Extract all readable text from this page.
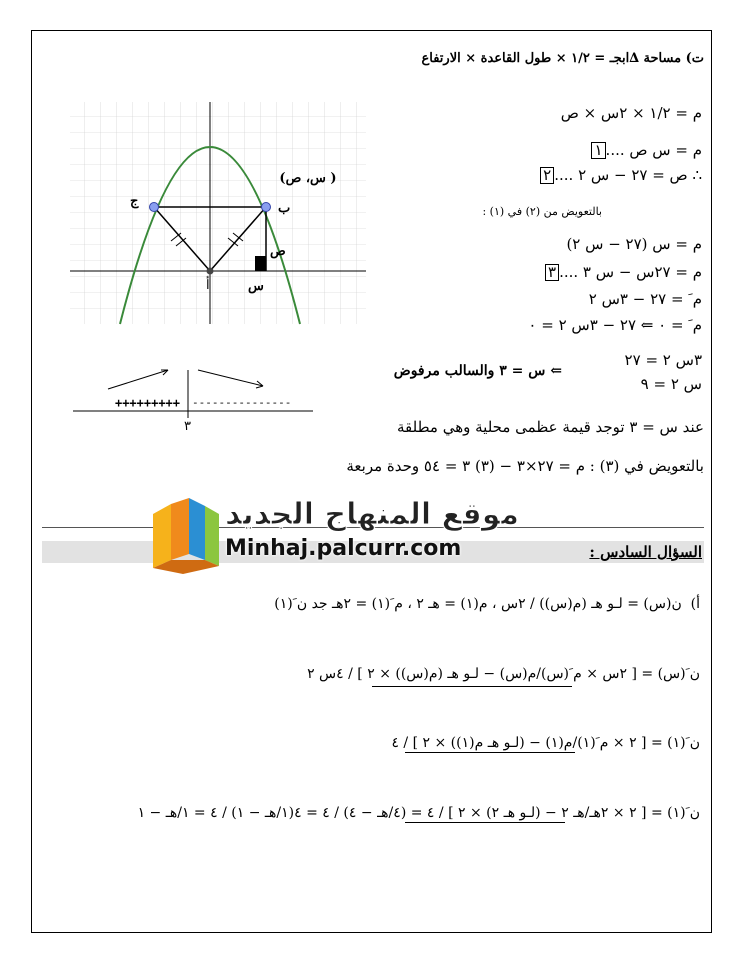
ت) مساحة ∆ابجـ = ١/٢ × طول القاعدة × الارتفاع
م = ١/٢ × ٢س × ص
م = س ص ....١
∴ ص = ٢٧ − س ٢ ....٢
بالتعويض من (٢) في (١) :
م = س (٢٧ − س ٢)
م = ٢٧س − س ٣ ....٣
م َ = ٢٧ − ٣س ٢
م َ = ٠ ⇐ ٢٧ − ٣س ٢ = ٠
٣س ٢ = ٢٧
س ٢ = ٩
⇐ س = ٣ والسالب مرفوض
عند س = ٣ توجد قيمة عظمى محلية وهي مطلقة
بالتعويض في (٣) : م = ٢٧×٣ − (٣) ٣ = ٥٤ وحدة مربعة
(س، ص )
ب
ج
أ	س
ص
+++++++++ ---------------
٣
موقع المنهاج الجديد
Minhaj.palcurr.com	السؤال السادس :
أ)  ن(س) = لـو هـ (م(س)) / ٢س ، م(١) = هـ ٢ ، م َ(١) = ٢هـ جد ن َ(١)
ن َ(س) = [ ٢س × م َ(س)/م(س) − لـو هـ (م(س)) × ٢ ] / ٤س ٢
ن َ(١) = [ ٢ × م َ(١)/م(١) − (لـو هـ م(١)) × ٢ ] / ٤
ن َ(١) = [ ٢ × ٢هـ/هـ ٢ − (لـو هـ ٢) × ٢ ] / ٤ = (٤/هـ − ٤) / ٤ = ٤(١/هـ − ١) / ٤ = ١/هـ − ١
